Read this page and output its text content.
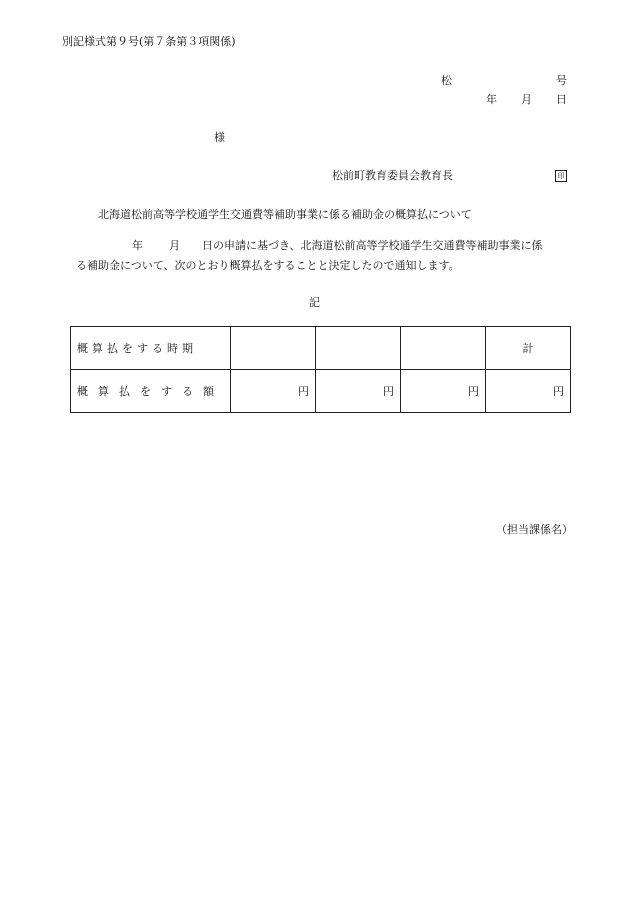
別記様式第９号(第７条第３項関係)
松	号
年 月 日
様
松前町教育委員会教育長	印
北海道松前高等学校通学生交通費等補助事業に係る補助金の概算払について
年 月 日の申請に基づき、北海道松前高等学校通学生交通費等補助事業に係
る補助金について、次のとおり概算払をすることと決定したので通知します。
記
概算払をする時期				計
概算払をする額	円	円	円	円
（担当課係名）
